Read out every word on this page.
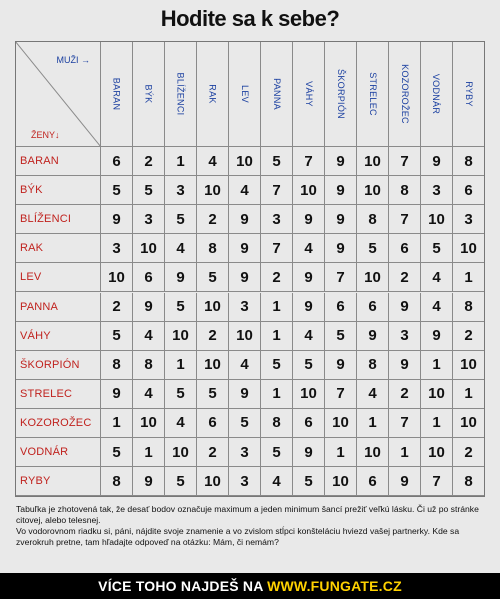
Hodite sa k sebe?
MUŽI →
ŽENY↓
BARAN BÝK BLÍŽENCI RAK LEV PANNA VÁHY ŠKORPIÓN STRELEC KOZOROŽEC VODNÁR RYBY
BARAN	6	2	1	4	10	5	7	9	10	7	9	8
BÝK	5	5	3	10	4	7	10	9	10	8	3	6
BLÍŽENCI	9	3	5	2	9	3	9	9	8	7	10	3
RAK	3	10	4	8	9	7	4	9	5	6	5	10
LEV	10	6	9	5	9	2	9	7	10	2	4	1
PANNA	2	9	5	10	3	1	9	6	6	9	4	8
VÁHY	5	4	10	2	10	1	4	5	9	3	9	2
ŠKORPIÓN	8	8	1	10	4	5	5	9	8	9	1	10
STRELEC	9	4	5	5	9	1	10	7	4	2	10	1
KOZOROŽEC	1	10	4	6	5	8	6	10	1	7	1	10
VODNÁR	5	1	10	2	3	5	9	1	10	1	10	2
RYBY	8	9	5	10	3	4	5	10	6	9	7	8

Tabuľka je zhotovená tak, že desať bodov označuje maximum a jeden minimum šancí prežiť veľkú lásku. Či už po stránke citovej, alebo telesnej.

Vo vodorovnom riadku si, páni, nájdite svoje znamenie a vo zvislom stĺpci konšteláciu hviezd vašej partnerky. Kde sa zverokruh pretne, tam hľadajte odpoveď na otázku: Mám, či nemám?

VÍCE TOHO NAJDEŠ NA WWW.FUNGATE.CZ
